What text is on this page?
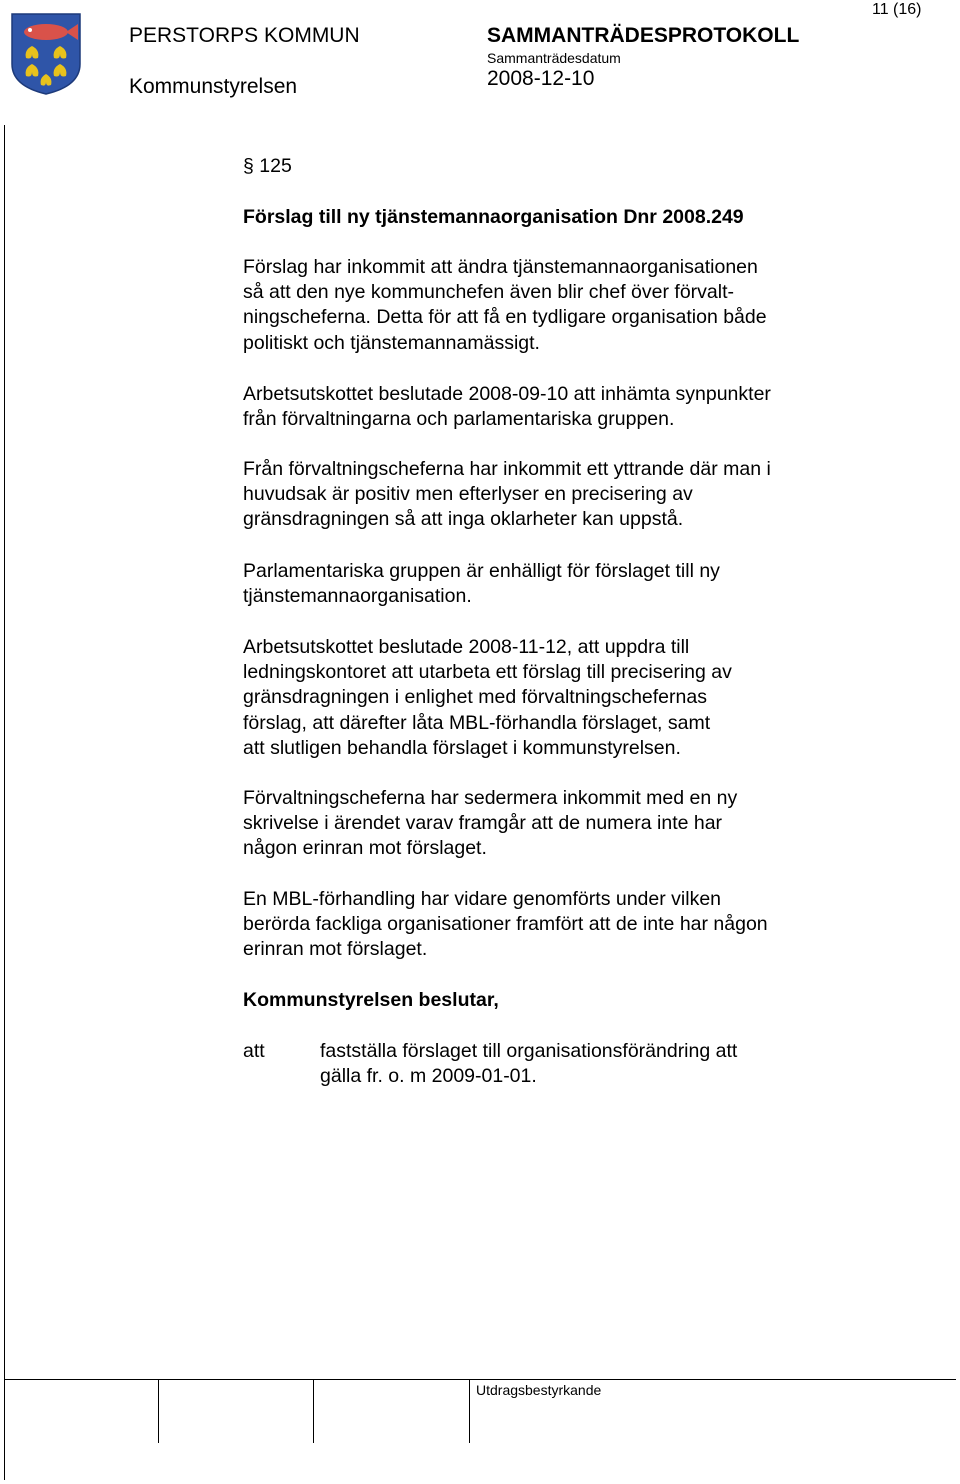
PERSTORPS KOMMUN
Kommunstyrelsen
SAMMANTRÄDESPROTOKOLL
Sammanträdesdatum
2008-12-10
11 (16)
§ 125
Förslag till ny tjänstemannaorganisation Dnr 2008.249
Förslag har inkommit att ändra tjänstemannaorganisationen
så att den nye kommunchefen även blir chef över förvalt-
ningscheferna. Detta för att få en tydligare organisation både
politiskt och tjänstemannamässigt.
Arbetsutskottet beslutade 2008-09-10 att inhämta synpunkter
från förvaltningarna och parlamentariska gruppen.
Från förvaltningscheferna har inkommit ett yttrande där man i
huvudsak är positiv men efterlyser en precisering av
gränsdragningen så att inga oklarheter kan uppstå.
Parlamentariska gruppen är enhälligt för förslaget till ny
tjänstemannaorganisation.
Arbetsutskottet beslutade 2008-11-12, att uppdra till
ledningskontoret att utarbeta ett förslag till precisering av
gränsdragningen i enlighet med förvaltningschefernas
förslag, att därefter låta MBL-förhandla förslaget, samt
att slutligen behandla förslaget i kommunstyrelsen.
Förvaltningscheferna har sedermera inkommit med en ny
skrivelse i ärendet varav framgår att de numera inte har
någon erinran mot förslaget.
En MBL-förhandling har vidare genomförts under vilken
berörda fackliga organisationer framfört att de inte har någon
erinran mot förslaget.
Kommunstyrelsen beslutar,
att	fastställa förslaget till organisationsförändring att
gälla fr. o. m 2009-01-01.
Utdragsbestyrkande
